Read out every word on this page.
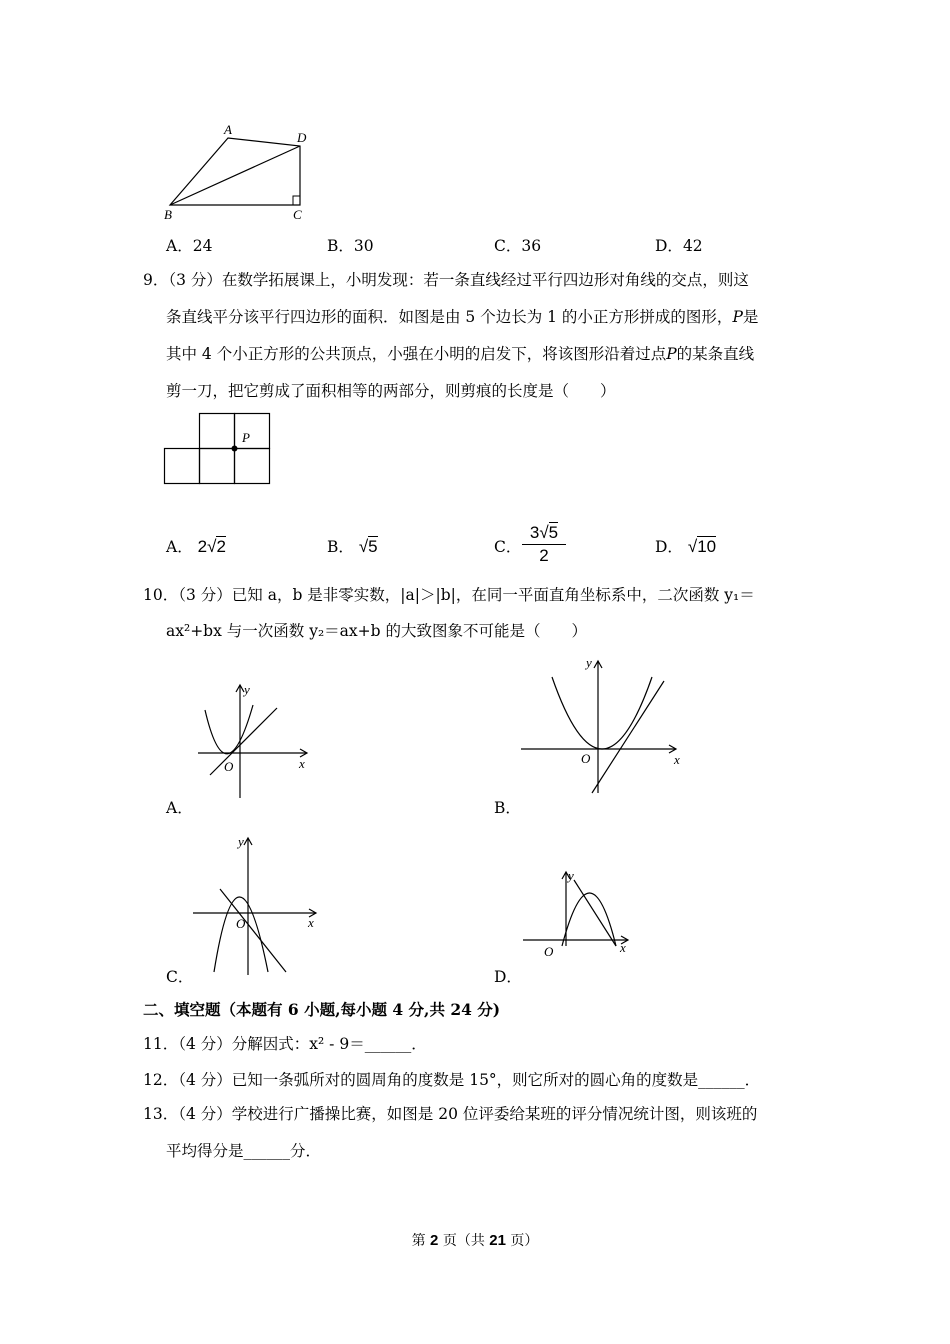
A
D
B	C
A．24	B．30	C．36	D．42
9．（3 分）在数学拓展课上，小明发现：若一条直线经过平行四边形对角线的交点，则这
条直线平分该平行四边形的面积．如图是由 5 个边长为 1 的小正方形拼成的图形，P是
其中 4 个小正方形的公共顶点，小强在小明的启发下，将该图形沿着过点P的某条直线
剪一刀，把它剪成了面积相等的两部分，则剪痕的长度是（　　）
P
A． 2√2	B． √5	C． $\frac{3√5}{2}$	D． √10
10．（3 分）已知 a，b 是非零实数，|a|＞|b|，在同一平面直角坐标系中，二次函数 y₁＝
ax²+bx 与一次函数 y₂＝ax+b 的大致图象不可能是（　　）
x
y
O
A．
x
y
O
B．
x
y
O
C．
x
y
O
D．
二、填空题（本题有 6 小题,每小题 4 分,共 24 分)
11．（4 分）分解因式：x² ‑ 9＝______．
12．（4 分）已知一条弧所对的圆周角的度数是 15°，则它所对的圆心角的度数是______．
13．（4 分）学校进行广播操比赛，如图是 20 位评委给某班的评分情况统计图，则该班的
平均得分是______分．
第 2 页（共 21 页）
